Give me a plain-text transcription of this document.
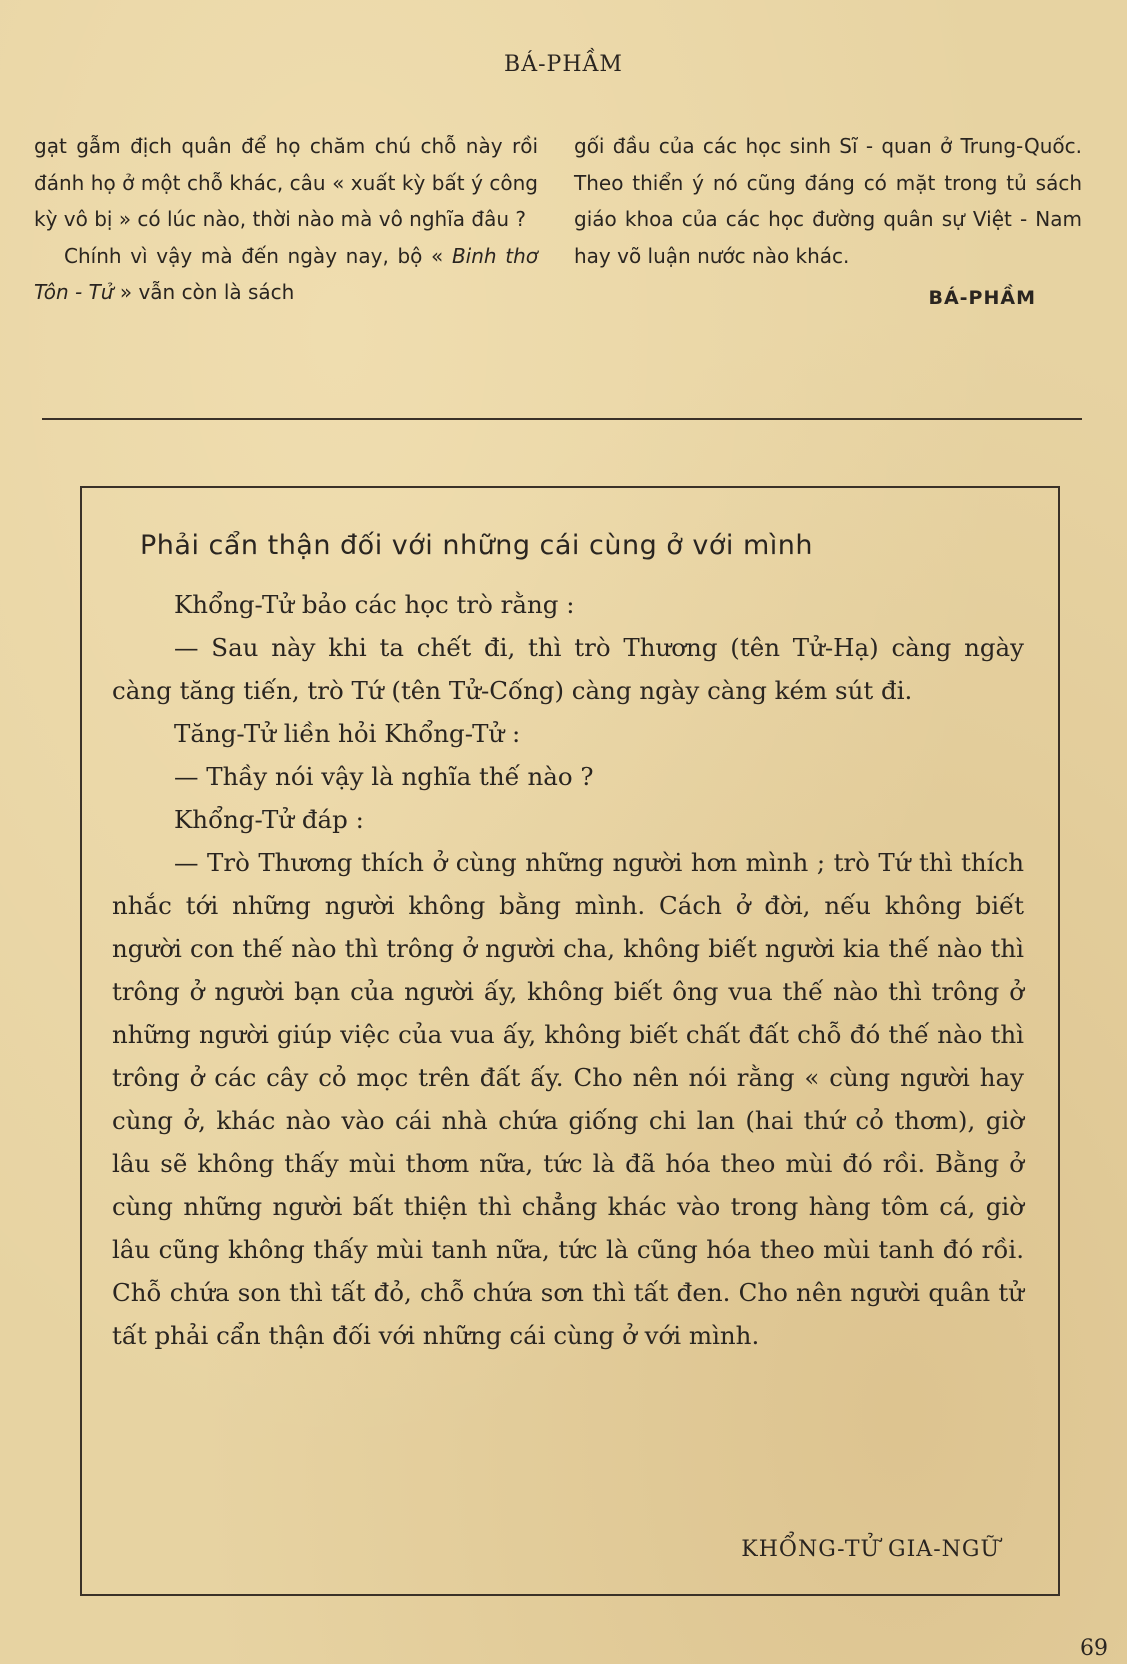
BÁ-PHẦM

gạt gẫm địch quân để họ chăm chú chỗ này rồi đánh họ ở một chỗ khác, câu « xuất kỳ bất ý công kỳ vô bị » có lúc nào, thời nào mà vô nghĩa đâu ?

Chính vì vậy mà đến ngày nay, bộ « Binh thơ Tôn - Tử » vẫn còn là sách

gối đầu của các học sinh Sĩ - quan ở Trung-Quốc. Theo thiển ý nó cũng đáng có mặt trong tủ sách giáo khoa của các học đường quân sự Việt - Nam hay võ luận nước nào khác.

BÁ-PHẦM
Phải cẩn thận đối với những cái cùng ở với mình

Khổng-Tử bảo các học trò rằng :

— Sau này khi ta chết đi, thì trò Thương (tên Tử-Hạ) càng ngày càng tăng tiến, trò Tứ (tên Tử-Cống) càng ngày càng kém sút đi.

Tăng-Tử liền hỏi Khổng-Tử :

— Thầy nói vậy là nghĩa thế nào ?

Khổng-Tử đáp :

— Trò Thương thích ở cùng những người hơn mình ; trò Tứ thì thích nhắc tới những người không bằng mình. Cách ở đời, nếu không biết người con thế nào thì trông ở người cha, không biết người kia thế nào thì trông ở người bạn của người ấy, không biết ông vua thế nào thì trông ở những người giúp việc của vua ấy, không biết chất đất chỗ đó thế nào thì trông ở các cây cỏ mọc trên đất ấy. Cho nên nói rằng « cùng người hay cùng ở, khác nào vào cái nhà chứa giống chi lan (hai thứ cỏ thơm), giờ lâu sẽ không thấy mùi thơm nữa, tức là đã hóa theo mùi đó rồi. Bằng ở cùng những người bất thiện thì chẳng khác vào trong hàng tôm cá, giờ lâu cũng không thấy mùi tanh nữa, tức là cũng hóa theo mùi tanh đó rồi. Chỗ chứa son thì tất đỏ, chỗ chứa sơn thì tất đen. Cho nên người quân tử tất phải cẩn thận đối với những cái cùng ở với mình.

KHỔNG-TỬ GIA-NGỮ
69
